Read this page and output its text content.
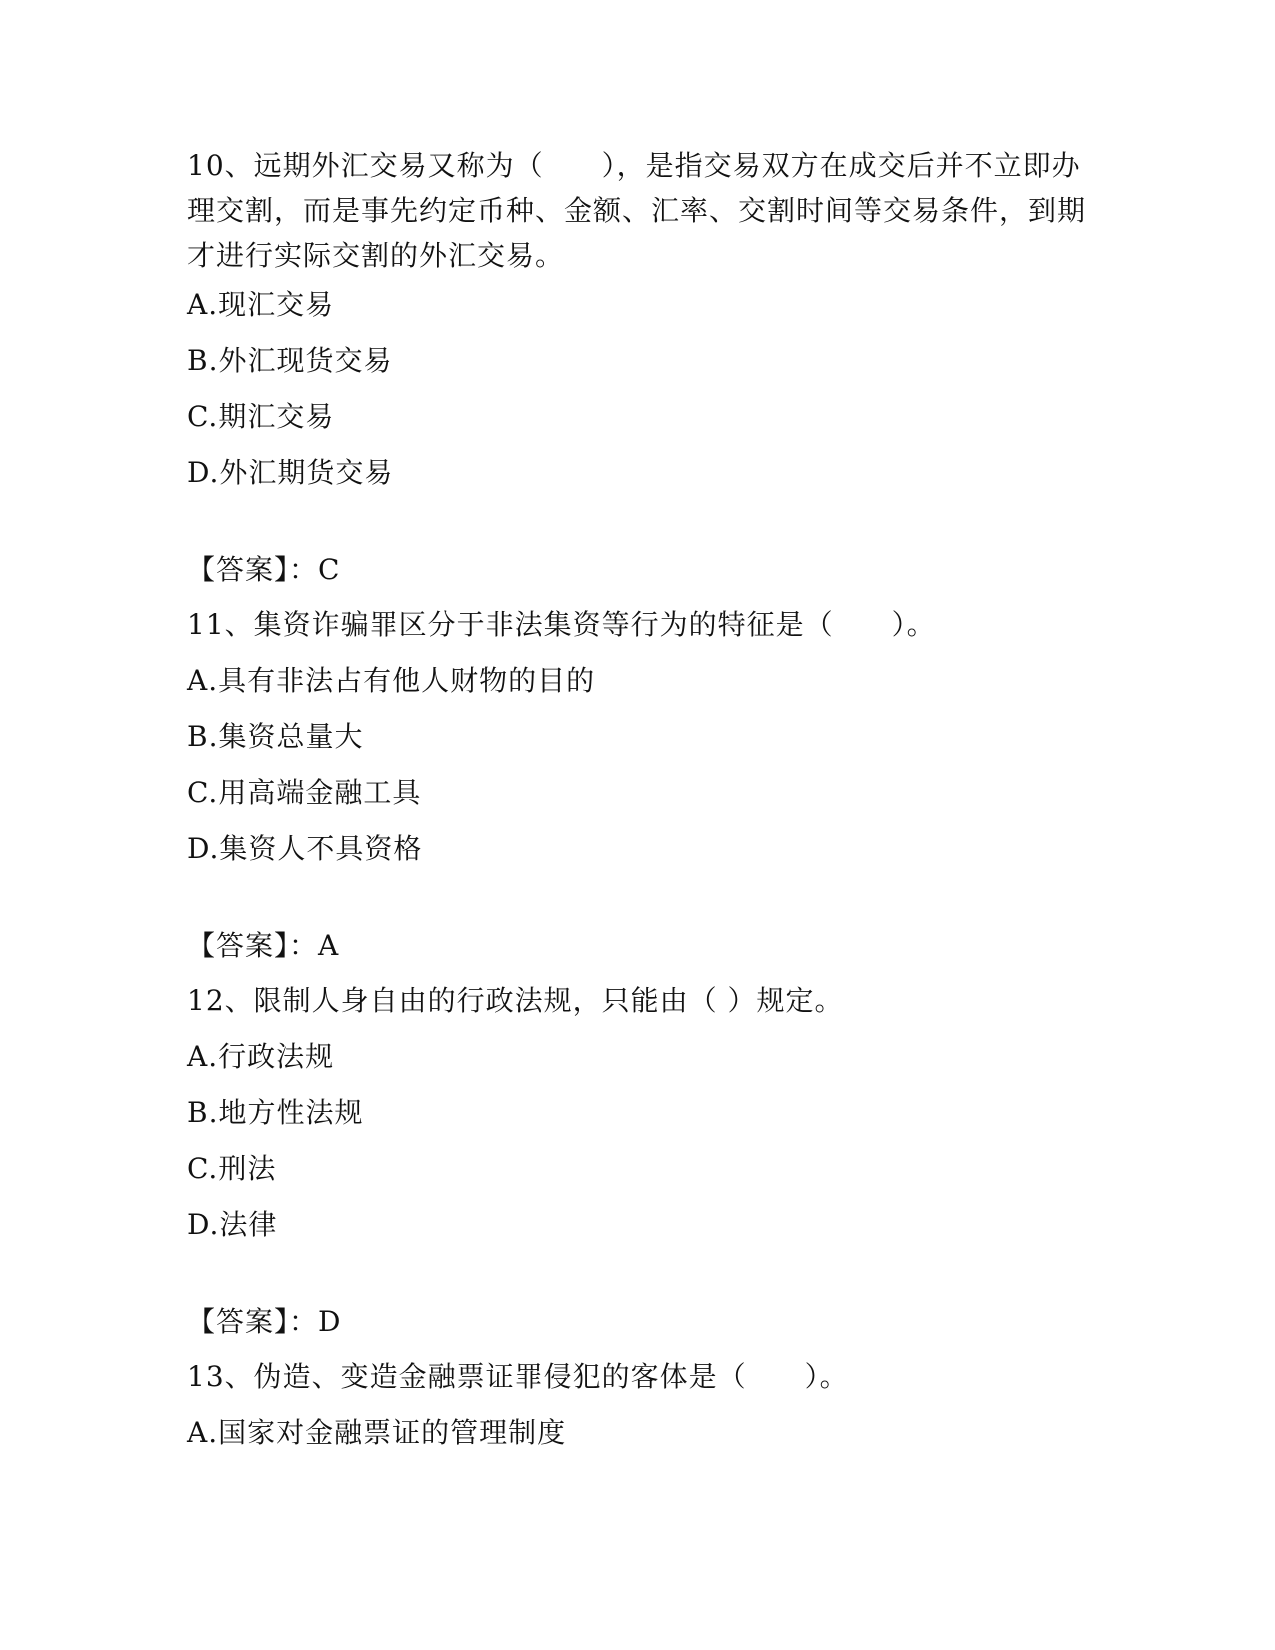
10、远期外汇交易又称为（　　），是指交易双方在成交后并不立即办理交割，而是事先约定币种、金额、汇率、交割时间等交易条件，到期才进行实际交割的外汇交易。
A.现汇交易
B.外汇现货交易
C.期汇交易
D.外汇期货交易
【答案】：C
11、集资诈骗罪区分于非法集资等行为的特征是（　　）。
A.具有非法占有他人财物的目的
B.集资总量大
C.用高端金融工具
D.集资人不具资格
【答案】：A
12、限制人身自由的行政法规，只能由（ ）规定。
A.行政法规
B.地方性法规
C.刑法
D.法律
【答案】：D
13、伪造、变造金融票证罪侵犯的客体是（　　）。
A.国家对金融票证的管理制度
